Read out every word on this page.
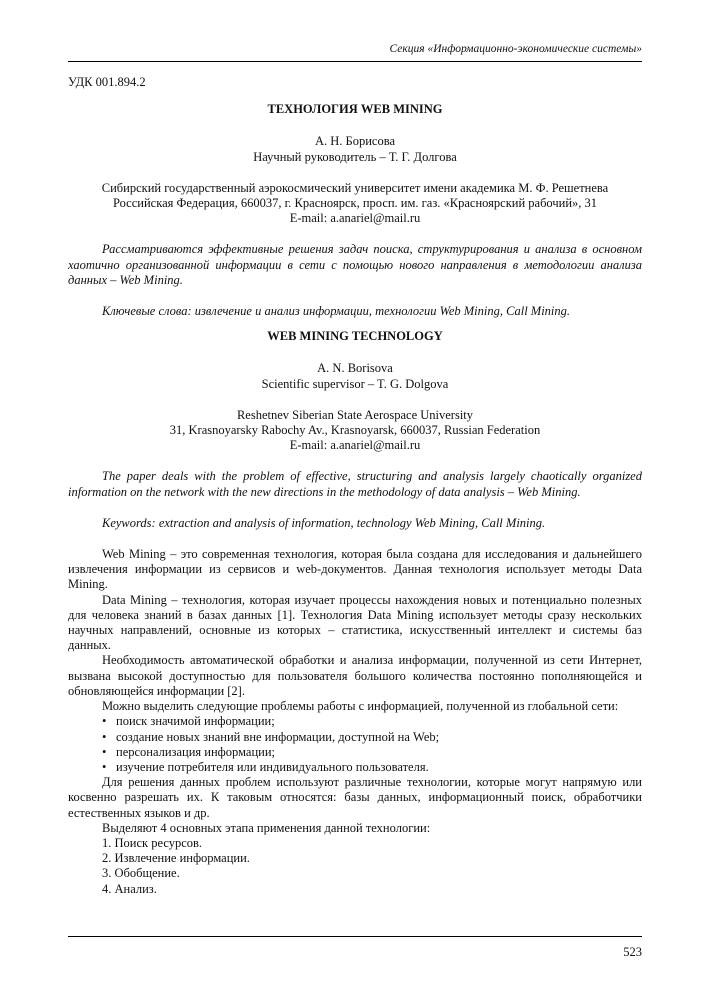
Секция «Информационно-экономические системы»

УДК 001.894.2

ТЕХНОЛОГИЯ WEB MINING

А. Н. Борисова

Научный руководитель – Т. Г. Долгова

Сибирский государственный аэрокосмический университет имени академика М. Ф. Решетнева

Российская Федерация, 660037, г. Красноярск, просп. им. газ. «Красноярский рабочий», 31

E-mail: a.anariel@mail.ru

Рассматриваются эффективные решения задач поиска, структурирования и анализа в основном хаотично организованной информации в сети с помощью нового направления в методологии анализа данных – Web Mining.

Ключевые слова: извлечение и анализ информации, технологии Web Mining, Call Mining.

WEB MINING TECHNOLOGY

A. N. Borisova

Scientific supervisor – T. G. Dolgova

Reshetnev Siberian State Aerospace University

31, Krasnoyarsky Rabochy Av., Krasnoyarsk, 660037, Russian Federation

E-mail: a.anariel@mail.ru

The paper deals with the problem of effective, structuring and analysis largely chaotically organized information on the network with the new directions in the methodology of data analysis – Web Mining.

Keywords: extraction and analysis of information, technology Web Mining, Call Mining.

Web Mining – это современная технология, которая была создана для исследования и дальнейшего извлечения информации из сервисов и web-документов. Данная технология использует методы Data Mining.

Data Mining – технология, которая изучает процессы нахождения новых и потенциально полезных для человека знаний в базах данных [1]. Технология Data Mining использует методы сразу нескольких научных направлений, основные из которых – статистика, искусственный интеллект и системы баз данных.

Необходимость автоматической обработки и анализа информации, полученной из сети Интернет, вызвана высокой доступностью для пользователя большого количества постоянно пополняющейся и обновляющейся информации [2].

Можно выделить следующие проблемы работы с информацией, полученной из глобальной сети:

• поиск значимой информации;
• создание новых знаний вне информации, доступной на Web;
• персонализация информации;
• изучение потребителя или индивидуального пользователя.

Для решения данных проблем используют различные технологии, которые могут напрямую или косвенно разрешать их. К таковым относятся: базы данных, информационный поиск, обработчики естественных языков и др.

Выделяют 4 основных этапа применения данной технологии:

1. Поиск ресурсов.

2. Извлечение информации.

3. Обобщение.

4. Анализ.

523
